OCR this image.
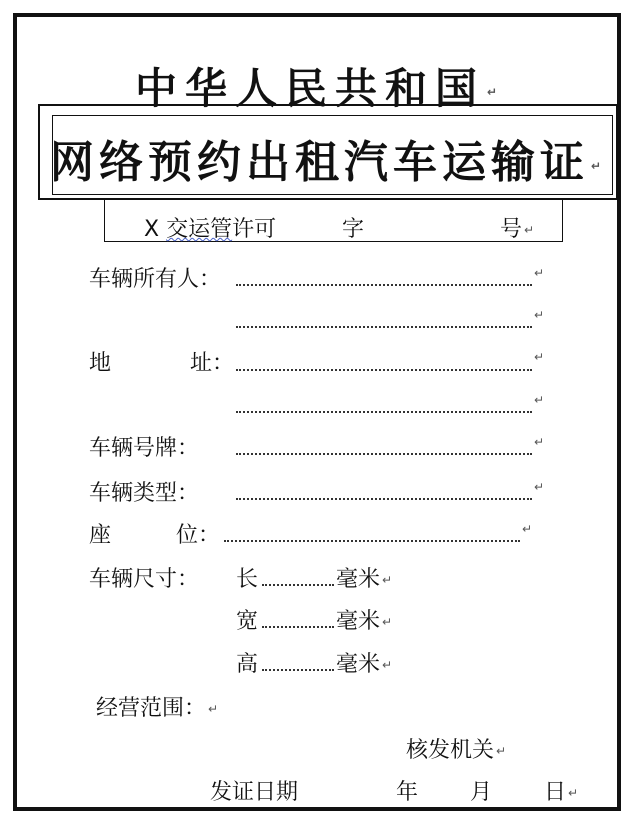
中华人民共和国 ↵
网络预约出租汽车运输证 ↵
X 交运管许可	字	号 ↵
车辆所有人：	↵
↵
地	址：	↵
↵
车辆号牌：	↵
车辆类型：	↵
座	位：	↵
车辆尺寸： 长	毫米 ↵
宽	毫米 ↵
高	毫米 ↵
经营范围： ↵
核发机关 ↵
发证日期	年 月 日 ↵
